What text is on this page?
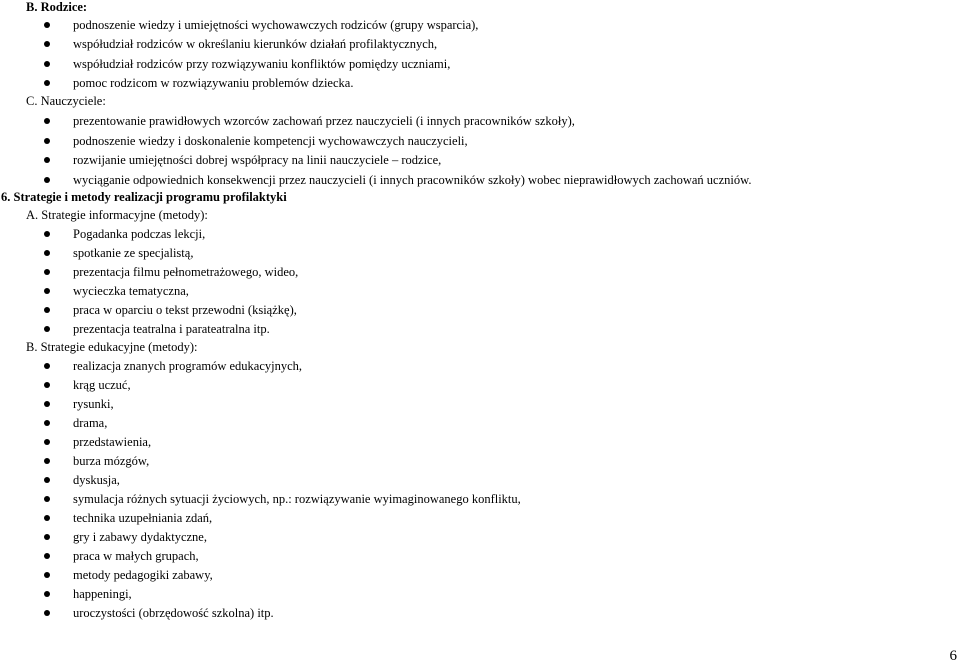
B. Rodzice:
podnoszenie wiedzy i umiejętności wychowawczych rodziców (grupy wsparcia),
współudział rodziców w określaniu kierunków działań profilaktycznych,
współudział rodziców przy rozwiązywaniu konfliktów pomiędzy uczniami,
pomoc rodzicom w rozwiązywaniu problemów dziecka.
C. Nauczyciele:
prezentowanie prawidłowych wzorców zachowań przez nauczycieli (i innych pracowników szkoły),
podnoszenie wiedzy i doskonalenie kompetencji wychowawczych nauczycieli,
rozwijanie umiejętności dobrej współpracy na linii nauczyciele – rodzice,
wyciąganie odpowiednich konsekwencji przez nauczycieli (i innych pracowników szkoły) wobec nieprawidłowych zachowań uczniów.
6. Strategie i metody realizacji programu profilaktyki
A. Strategie informacyjne (metody):
Pogadanka podczas lekcji,
spotkanie ze specjalistą,
prezentacja filmu pełnometrażowego, wideo,
wycieczka tematyczna,
praca w oparciu o tekst przewodni (książkę),
prezentacja teatralna i parateatralna itp.
B. Strategie edukacyjne (metody):
realizacja znanych programów edukacyjnych,
krąg uczuć,
rysunki,
drama,
przedstawienia,
burza mózgów,
dyskusja,
symulacja różnych sytuacji życiowych, np.: rozwiązywanie wyimaginowanego konfliktu,
technika uzupełniania zdań,
gry i zabawy dydaktyczne,
praca w małych grupach,
metody pedagogiki zabawy,
happeningi,
uroczystości (obrzędowość szkolna) itp.
6
